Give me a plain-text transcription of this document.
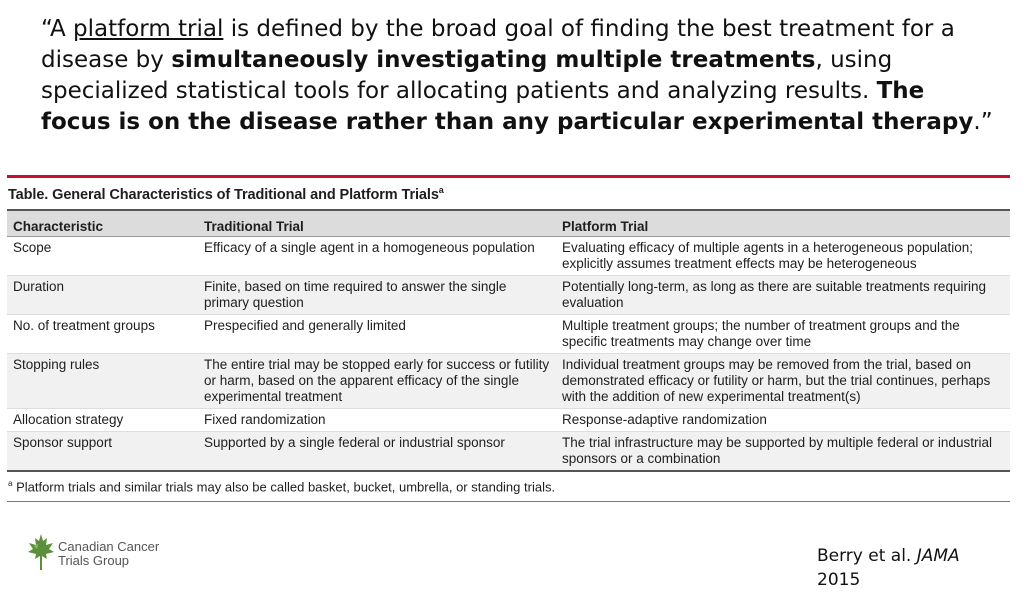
“A platform trial is defined by the broad goal of finding the best treatment for a disease by simultaneously investigating multiple treatments, using specialized statistical tools for allocating patients and analyzing results. The focus is on the disease rather than any particular experimental therapy.”
Table. General Characteristics of Traditional and Platform Trials$^a$
Characteristic	Traditional Trial	Platform Trial
Scope	Efficacy of a single agent in a homogeneous population	Evaluating efficacy of multiple agents in a heterogeneous population; explicitly assumes treatment effects may be heterogeneous
Duration	Finite, based on time required to answer the single primary question	Potentially long-term, as long as there are suitable treatments requiring evaluation
No. of treatment groups	Prespecified and generally limited	Multiple treatment groups; the number of treatment groups and the specific treatments may change over time
Stopping rules	The entire trial may be stopped early for success or futility or harm, based on the apparent efficacy of the single experimental treatment	Individual treatment groups may be removed from the trial, based on demonstrated efficacy or futility or harm, but the trial continues, perhaps with the addition of new experimental treatment(s)
Allocation strategy	Fixed randomization	Response-adaptive randomization
Sponsor support	Supported by a single federal or industrial sponsor	The trial infrastructure may be supported by multiple federal or industrial sponsors or a combination
$^a$ Platform trials and similar trials may also be called basket, bucket, umbrella, or standing trials.
Canadian Cancer
Trials Group	Berry et al. JAMA
2015
